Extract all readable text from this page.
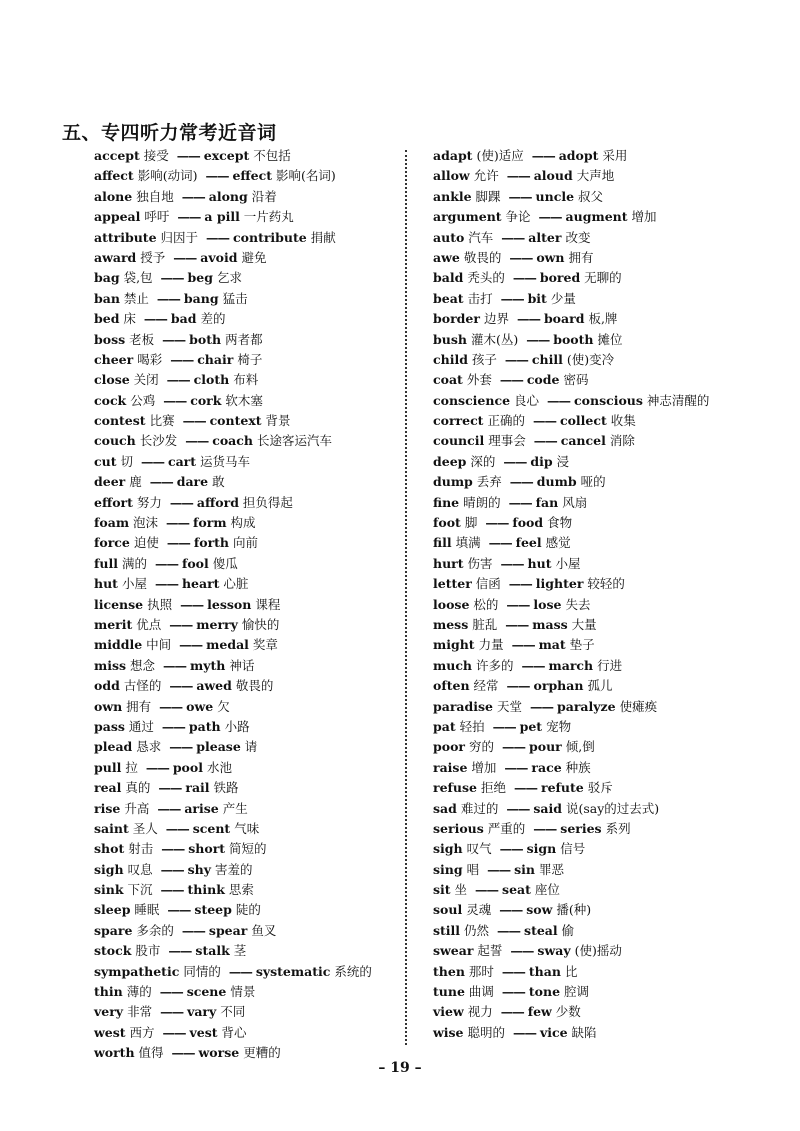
五、专四听力常考近音词
accept 接受 —— except 不包括
affect 影响(动词) —— effect 影响(名词)
alone 独自地 —— along 沿着
appeal 呼吁 —— a pill 一片药丸
attribute 归因于 —— contribute 捐献
award 授予 —— avoid 避免
bag 袋,包 —— beg 乞求
ban 禁止 —— bang 猛击
bed 床 —— bad 差的
boss 老板 —— both 两者都
cheer 喝彩 —— chair 椅子
close 关闭 —— cloth 布料
cock 公鸡 —— cork 软木塞
contest 比赛 —— context 背景
couch 长沙发 —— coach 长途客运汽车
cut 切 —— cart 运货马车
deer 鹿 —— dare 敢
effort 努力 —— afford 担负得起
foam 泡沫 —— form 构成
force 迫使 —— forth 向前
full 满的 —— fool 傻瓜
hut 小屋 —— heart 心脏
license 执照 —— lesson 课程
merit 优点 —— merry 愉快的
middle 中间 —— medal 奖章
miss 想念 —— myth 神话
odd 古怪的 —— awed 敬畏的
own 拥有 —— owe 欠
pass 通过 —— path 小路
plead 恳求 —— please 请
pull 拉 —— pool 水池
real 真的 —— rail 铁路
rise 升高 —— arise 产生
saint 圣人 —— scent 气味
shot 射击 —— short 简短的
sigh 叹息 —— shy 害羞的
sink 下沉 —— think 思索
sleep 睡眠 —— steep 陡的
spare 多余的 —— spear 鱼叉
stock 股市 —— stalk 茎
sympathetic 同情的 —— systematic 系统的
thin 薄的 —— scene 情景
very 非常 —— vary 不同
west 西方 —— vest 背心
worth 值得 —— worse 更糟的
adapt (使)适应 —— adopt 采用
allow 允许 —— aloud 大声地
ankle 脚踝 —— uncle 叔父
argument 争论 —— augment 增加
auto 汽车 —— alter 改变
awe 敬畏的 —— own 拥有
bald 秃头的 —— bored 无聊的
beat 击打 —— bit 少量
border 边界 —— board 板,牌
bush 灌木(丛) —— booth 摊位
child 孩子 —— chill (使)变冷
coat 外套 —— code 密码
conscience 良心 —— conscious 神志清醒的
correct 正确的 —— collect 收集
council 理事会 —— cancel 消除
deep 深的 —— dip 浸
dump 丢弃 —— dumb 哑的
fine 晴朗的 —— fan 风扇
foot 脚 —— food 食物
fill 填满 —— feel 感觉
hurt 伤害 —— hut 小屋
letter 信函 —— lighter 较轻的
loose 松的 —— lose 失去
mess 脏乱 —— mass 大量
might 力量 —— mat 垫子
much 许多的 —— march 行进
often 经常 —— orphan 孤儿
paradise 天堂 —— paralyze 使瘫痪
pat 轻拍 —— pet 宠物
poor 穷的 —— pour 倾,倒
raise 增加 —— race 种族
refuse 拒绝 —— refute 驳斥
sad 难过的 —— said 说(say的过去式)
serious 严重的 —— series 系列
sigh 叹气 —— sign 信号
sing 唱 —— sin 罪恶
sit 坐 —— seat 座位
soul 灵魂 —— sow 播(种)
still 仍然 —— steal 偷
swear 起誓 —— sway (使)摇动
then 那时 —— than 比
tune 曲调 —— tone 腔调
view 视力 —— few 少数
wise 聪明的 —— vice 缺陷
– 19 –
